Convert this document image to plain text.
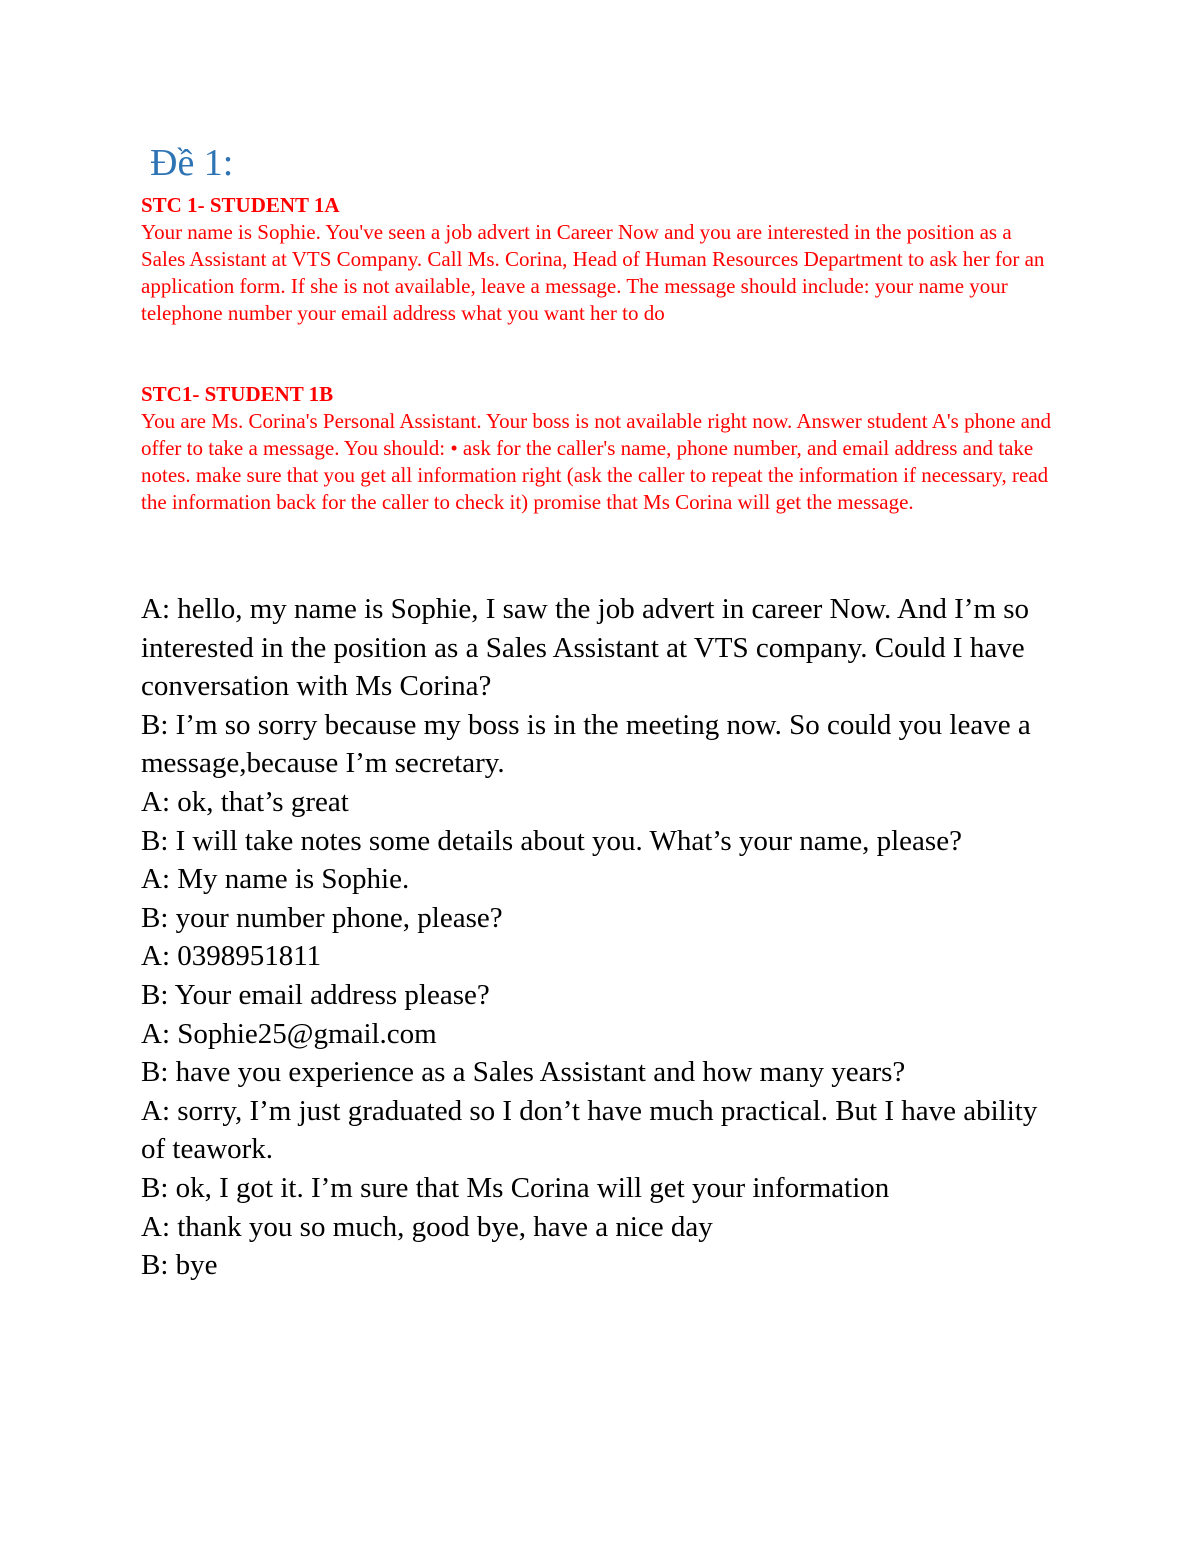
Đề 1:

STC 1- STUDENT 1A

Your name is Sophie. You've seen a job advert in Career Now and you are interested in the position as a Sales Assistant at VTS Company. Call Ms. Corina, Head of Human Resources Department to ask her for an application form. If she is not available, leave a message. The message should include: your name your telephone number your email address what you want her to do

STC1- STUDENT 1B

You are Ms. Corina's Personal Assistant. Your boss is not available right now. Answer student A's phone and offer to take a message. You should: • ask for the caller's name, phone number, and email address and take notes. make sure that you get all information right (ask the caller to repeat the information if necessary, read the information back for the caller to check it) promise that Ms Corina will get the message.

A: hello, my name is Sophie, I saw the job advert in career Now. And I’m so interested in the position as a Sales Assistant at VTS company. Could I have conversation with Ms Corina?

B: I’m so sorry because my boss is in the meeting now. So could you leave a message,because I’m secretary.

A: ok, that’s great

B: I will take notes some details about you. What’s your name, please?

A: My name is Sophie.

B: your number phone, please?

A: 0398951811

B: Your email address please?

A: Sophie25@gmail.com

B: have you experience as a Sales Assistant and how many years?

A: sorry, I’m just graduated so I don’t have much practical. But I have ability of teawork.

B: ok, I got it. I’m sure that Ms Corina will get your information

A: thank you so much, good bye, have a nice day

B: bye
